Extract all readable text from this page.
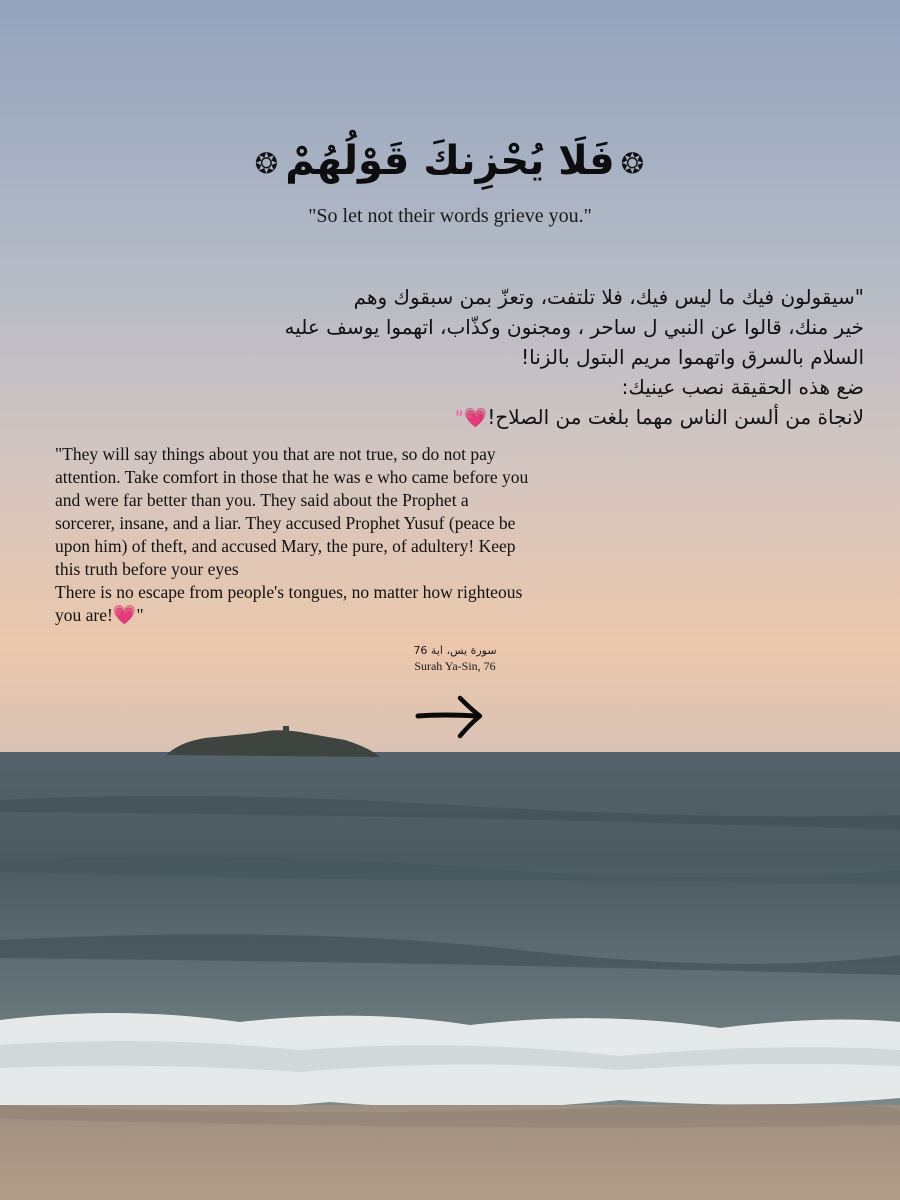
❂فَلَا يُحْزِنكَ قَوْلُهُمْ❂
"So let not their words grieve you."
"سيقولون فيك ما ليس فيك، فلا تلتفت، وتعزّ بمن سبقوك وهم
خير منك، قالوا عن النبي ل ساحر ، ومجنون وكذّاب، اتهموا يوسف عليه
السلام بالسرق واتهموا مريم البتول بالزنا!
ضع هذه الحقيقة نصب عينيك:
لانجاة من ألسن الناس مهما بلغت من الصلاح!💗"
"They will say things about you that are not true, so do not pay
attention. Take comfort in those that he was e who came before you
and were far better than you. They said about the Prophet a
sorcerer, insane, and a liar. They accused Prophet Yusuf (peace be
upon him) of theft, and accused Mary, the pure, of adultery! Keep
this truth before your eyes
There is no escape from people's tongues, no matter how righteous
you are!💗"
سورة يس، اية 76
Surah Ya-Sin, 76
